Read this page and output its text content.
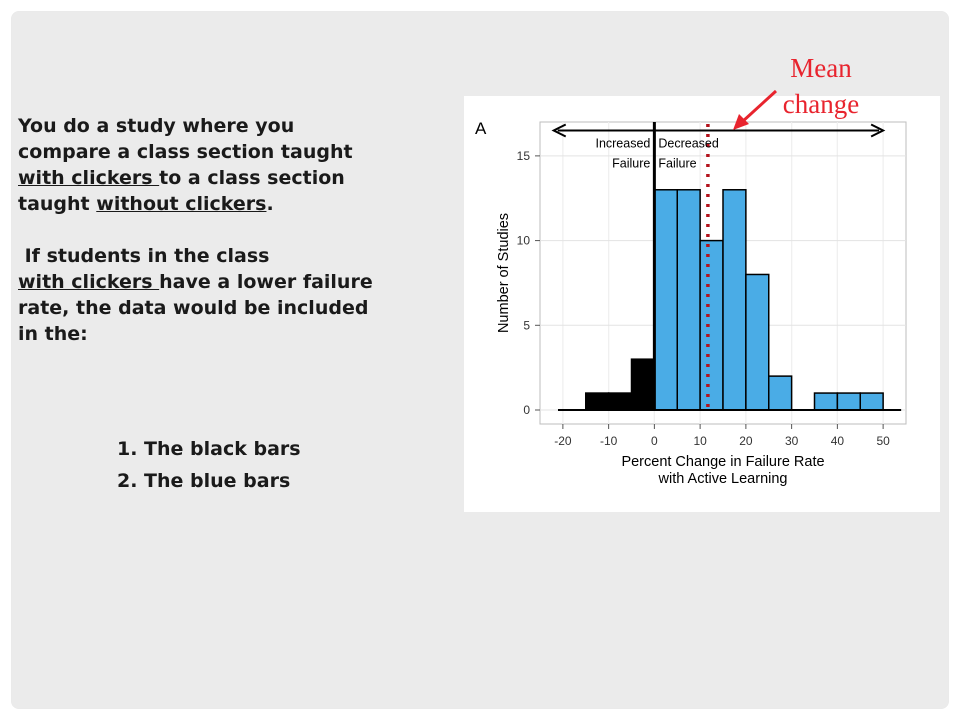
You do a study where you
compare a class section taught
with clickers to a class section
taught without clickers.
If students in the class
with clickers have a lower failure
rate, the data would be included
in the:
1. The black bars
2. The blue bars
Increased
Failure
Decreased
Failure
0
5
10
15
-20 -10	0	10	20	30	40	50
Percent Change in Failure Rate
with Active Learning
Number of Studies
A
Mean
change
